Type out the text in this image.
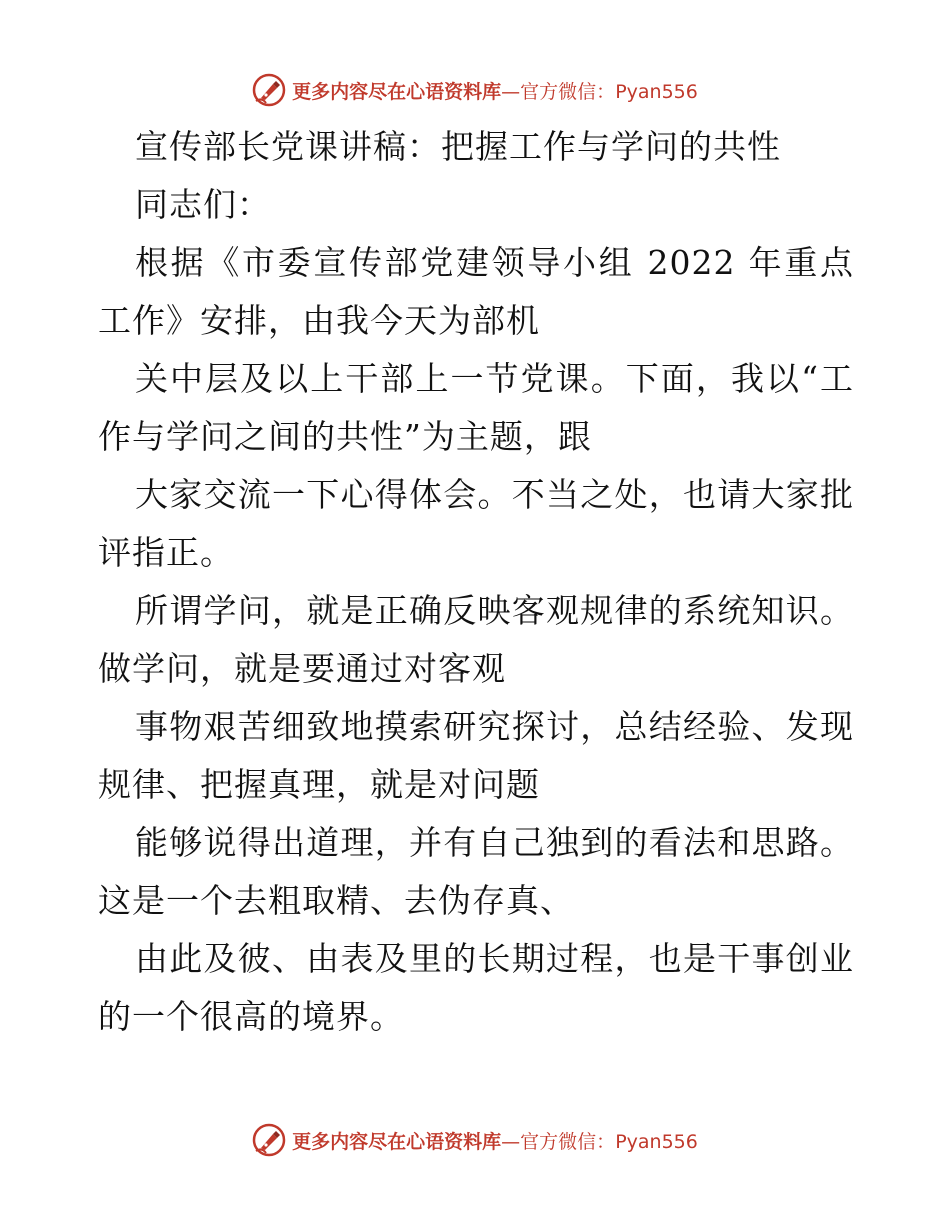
更多内容尽在心语资料库—官方微信：Pyan556

宣传部长党课讲稿：把握工作与学问的共性

同志们：

根据《市委宣传部党建领导小组 2022 年重点工作》安排，由我今天为部机

关中层及以上干部上一节党课。下面，我以“工作与学问之间的共性”为主题，跟

大家交流一下心得体会。不当之处，也请大家批评指正。

所谓学问，就是正确反映客观规律的系统知识。做学问，就是要通过对客观

事物艰苦细致地摸索研究探讨，总结经验、发现规律、把握真理，就是对问题

能够说得出道理，并有自己独到的看法和思路。这是一个去粗取精、去伪存真、

由此及彼、由表及里的长期过程，也是干事创业的一个很高的境界。

更多内容尽在心语资料库—官方微信：Pyan556
